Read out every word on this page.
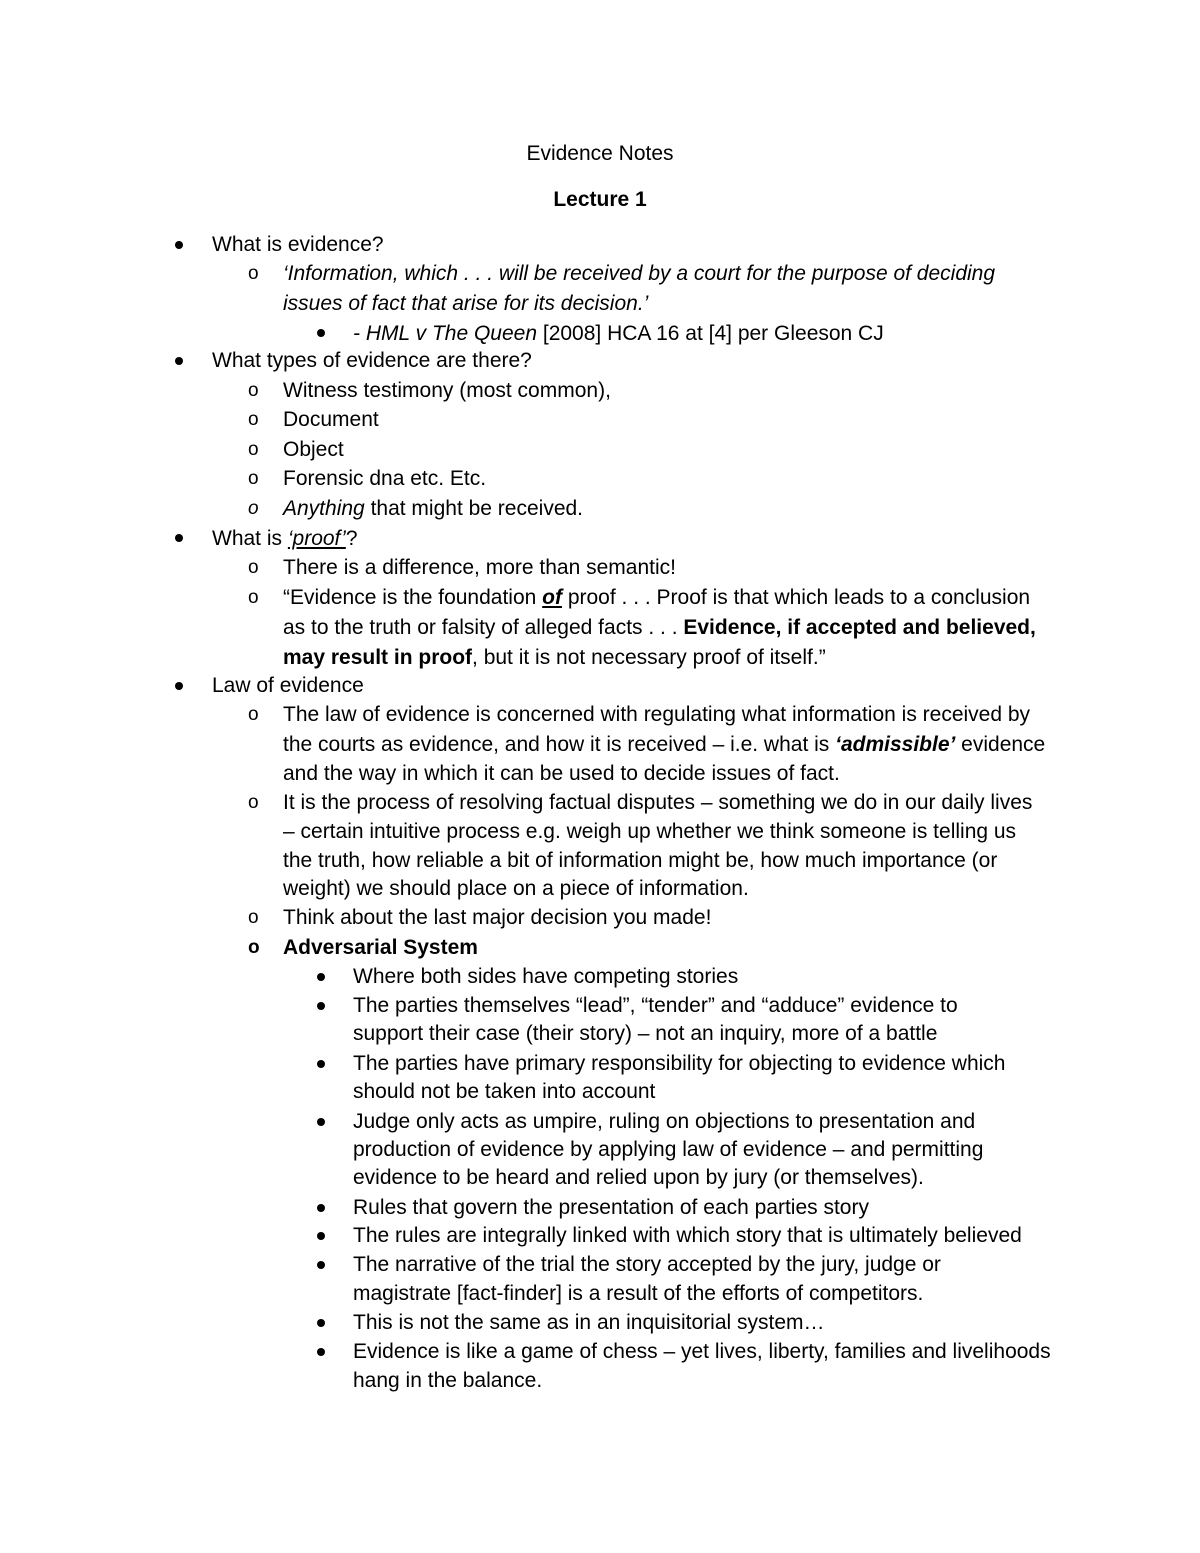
Evidence Notes
Lecture 1
What is evidence?
o ‘Information, which . . . will be received by a court for the purpose of deciding
issues of fact that arise for its decision.’
- HML v The Queen [2008] HCA 16 at [4] per Gleeson CJ
What types of evidence are there?
o Witness testimony (most common),
o Document
o Object
o Forensic dna etc. Etc.
o Anything that might be received.
What is ‘proof’?
o There is a difference, more than semantic!
o “Evidence is the foundation of proof . . . Proof is that which leads to a conclusion
as to the truth or falsity of alleged facts . . . Evidence, if accepted and believed,
may result in proof, but it is not necessary proof of itself.”
Law of evidence
o The law of evidence is concerned with regulating what information is received by
the courts as evidence, and how it is received – i.e. what is ‘admissible’ evidence
and the way in which it can be used to decide issues of fact.
o It is the process of resolving factual disputes – something we do in our daily lives
– certain intuitive process e.g. weigh up whether we think someone is telling us
the truth, how reliable a bit of information might be, how much importance (or
weight) we should place on a piece of information.
o Think about the last major decision you made!
o Adversarial System
Where both sides have competing stories
The parties themselves “lead”, “tender” and “adduce” evidence to
support their case (their story) – not an inquiry, more of a battle
The parties have primary responsibility for objecting to evidence which
should not be taken into account
Judge only acts as umpire, ruling on objections to presentation and
production of evidence by applying law of evidence – and permitting
evidence to be heard and relied upon by jury (or themselves).
Rules that govern the presentation of each parties story
The rules are integrally linked with which story that is ultimately believed
The narrative of the trial the story accepted by the jury, judge or
magistrate [fact-finder] is a result of the efforts of competitors.
This is not the same as in an inquisitorial system…
Evidence is like a game of chess – yet lives, liberty, families and livelihoods
hang in the balance.
